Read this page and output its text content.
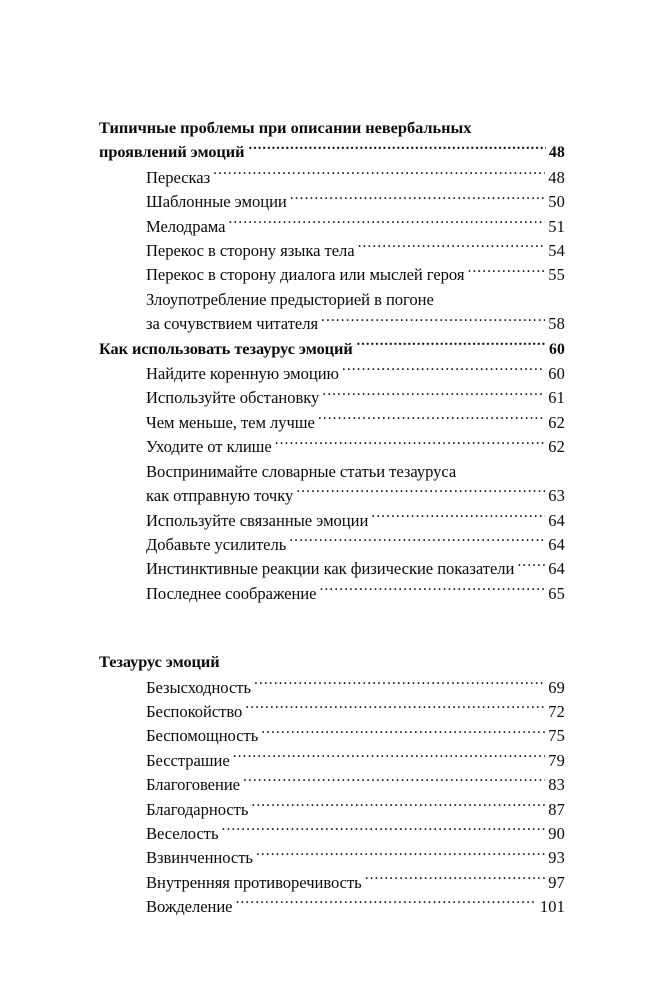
Типичные проблемы при описании невербальных
проявлений эмоций .....	48
Пересказ .....	48
Шаблонные эмоции .....	50
Мелодрама .....	51
Перекос в сторону языка тела .....	54
Перекос в сторону диалога или мыслей героя .....	55
Злоупотребление предысторией в погоне
за сочувствием читателя .....	58
Как использовать тезаурус эмоций .....	60
Найдите коренную эмоцию .....	60
Используйте обстановку .....	61
Чем меньше, тем лучше .....	62
Уходите от клише .....	62
Воспринимайте словарные статьи тезауруса
как отправную точку .....	63
Используйте связанные эмоции .....	64
Добавьте усилитель .....	64
Инстинктивные реакции как физические показатели ..... 64
Последнее соображение .....	65
Тезаурус эмоций
Безысходность .....	69
Беспокойство .....	72
Беспомощность .....	75
Бесстрашие .....	79
Благоговение .....	83
Благодарность .....	87
Веселость .....	90
Взвинченность .....	93
Внутренняя противоречивость .....	97
Вожделение .....	101
